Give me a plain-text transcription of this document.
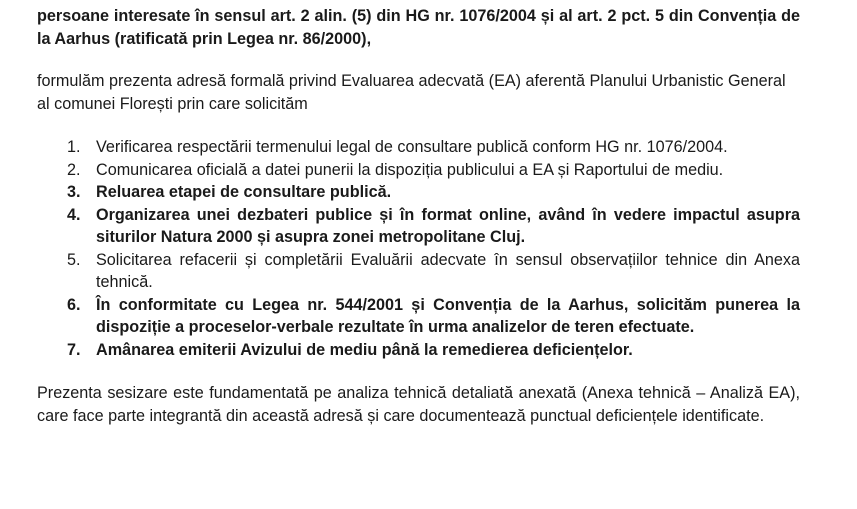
persoane interesate în sensul art. 2 alin. (5) din HG nr. 1076/2004 și al art. 2 pct. 5 din Convenția de la Aarhus (ratificată prin Legea nr. 86/2000),

formulăm prezenta adresă formală privind Evaluarea adecvată (EA) aferentă Planului Urbanistic General al comunei Florești prin care solicităm

1. Verificarea respectării termenului legal de consultare publică conform HG nr. 1076/2004.
2. Comunicarea oficială a datei punerii la dispoziția publicului a EA și Raportului de mediu.
3. Reluarea etapei de consultare publică.
4. Organizarea unei dezbateri publice și în format online, având în vedere impactul asupra siturilor Natura 2000 și asupra zonei metropolitane Cluj.
5. Solicitarea refacerii și completării Evaluării adecvate în sensul observațiilor tehnice din Anexa tehnică.
6. În conformitate cu Legea nr. 544/2001 și Convenția de la Aarhus, solicităm punerea la dispoziție a proceselor-verbale rezultate în urma analizelor de teren efectuate.
7. Amânarea emiterii Avizului de mediu până la remedierea deficiențelor.

Prezenta sesizare este fundamentată pe analiza tehnică detaliată anexată (Anexa tehnică – Analiză EA), care face parte integrantă din această adresă și care documentează punctual deficiențele identificate.
